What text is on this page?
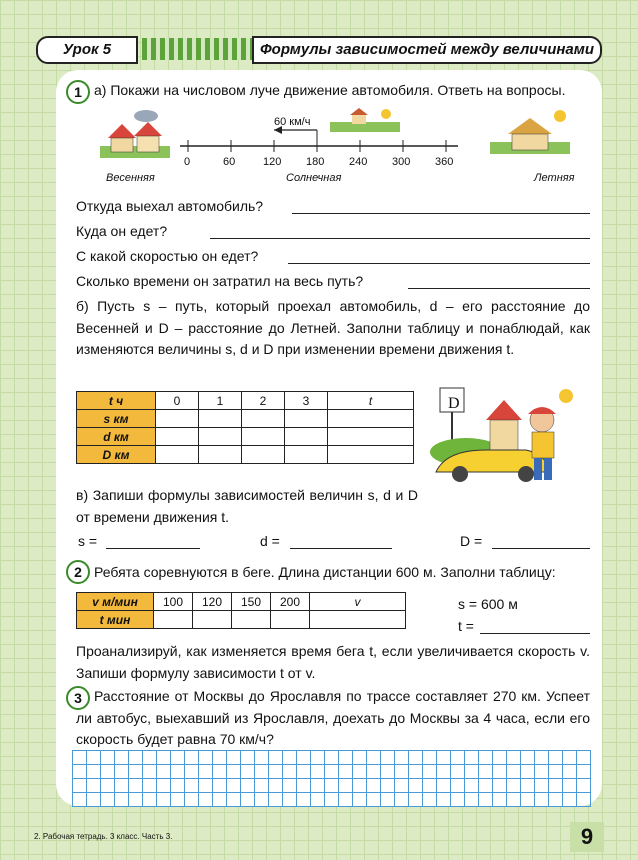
Урок 5	Формулы зависимостей между величинами
1 а) Покажи на числовом луче движение автомобиля. Ответь на вопросы.
60 км/ч
0	60	120 180 240 300 360
Весенняя	Солнечная	Летняя
Откуда выехал автомобиль?
Куда он едет?
С какой скоростью он едет?
Сколько времени он затратил на весь путь?
б) Пусть s – путь, который проехал автомобиль, d – его расстояние до Весенней и D – расстояние до Летней. Заполни таблицу и понаблюдай, как изменяются величины s, d и D при изменении времени движения t.
t ч	0	1	2	3	t
s км					
d км					
D км					
D
в) Запиши формулы зависимостей величин s, d и D от времени движения t.
s =	d =	D =
2 Ребята соревнуются в беге. Длина дистанции 600 м. Заполни таблицу:
v м/мин	100	120	150	200	v
t мин					
s = 600 м
t =
Проанализируй, как изменяется время бега t, если увеличивается скорость v. Запиши формулу зависимости t от v.
3 Расстояние от Москвы до Ярославля по трассе составляет 270 км. Успеет ли автобус, выехавший из Ярославля, доехать до Москвы за 4 часа, если его скорость будет равна 70 км/ч?
2. Рабочая тетрадь. 3 класс. Часть 3.	9
